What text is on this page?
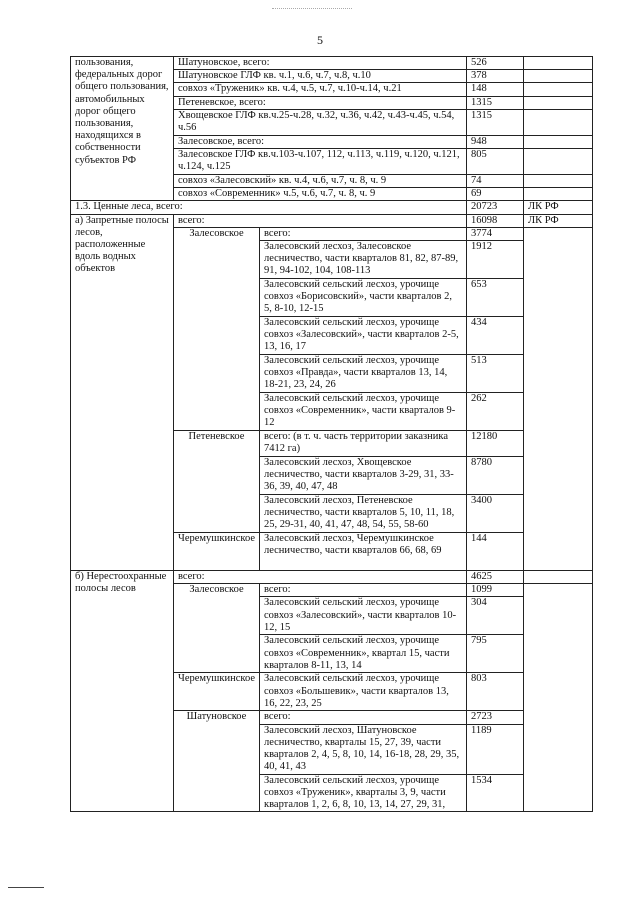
5
пользования, федеральных дорог общего пользования, автомобильных дорог общего пользования, находящихся в собственности субъектов РФ	Шатуновское, всего:		526	
	Шатуновское ГЛФ кв. ч.1, ч.6, ч.7, ч.8, ч.10		378	
	совхоз «Труженик» кв. ч.4, ч.5, ч.7, ч.10-ч.14, ч.21		148	
	Петеневское, всего:		1315	
	Хвощевское ГЛФ кв.ч.25-ч.28, ч.32, ч.36, ч.42, ч.43-ч.45, ч.54, ч.56		1315	
	Залесовское, всего:		948	
	Залесовское ГЛФ кв.ч.103-ч.107, 112, ч.113, ч.119, ч.120, ч.121, ч.124, ч.125		805	
	совхоз «Залесовский» кв. ч.4, ч.6, ч.7, ч. 8, ч. 9		74	
	совхоз «Современник» ч.5, ч.6, ч.7, ч. 8, ч. 9		69	
1.3. Ценные леса, всего:			20723	ЛК РФ
а) Запретные полосы лесов, расположенные вдоль водных объектов	всего:		16098	ЛК РФ
	Залесовское	всего:	3774	
		Залесовский лесхоз, Залесовское лесничество, части кварталов 81, 82, 87-89, 91, 94-102, 104, 108-113	1912	
		Залесовский сельский лесхоз, урочище совхоз «Борисовский», части кварталов 2, 5, 8-10, 12-15	653	
		Залесовский сельский лесхоз, урочище совхоз «Залесовский», части кварталов 2-5, 13, 16, 17	434	
		Залесовский сельский лесхоз, урочище совхоз «Правда», части кварталов 13, 14, 18-21, 23, 24, 26	513	
		Залесовский сельский лесхоз, урочище совхоз «Современник», части кварталов 9-12	262	
	Петеневское	всего: (в т. ч. часть территории заказника 7412 га)	12180	
		Залесовский лесхоз, Хвощевское лесничество, части кварталов 3-29, 31, 33-36, 39, 40, 47, 48	8780	
		Залесовский лесхоз, Петеневское лесничество, части кварталов 5, 10, 11, 18, 25, 29-31, 40, 41, 47, 48, 54, 55, 58-60	3400	
	Черемушкинское	Залесовский лесхоз, Черемушкинское лесничество, части кварталов 66, 68, 69	144	
б) Нерестоохранные полосы лесов	всего:		4625	
	Залесовское	всего:	1099	
		Залесовский сельский лесхоз, урочище совхоз «Залесовский», части кварталов 10-12, 15	304	
		Залесовский сельский лесхоз, урочище совхоз «Современник», квартал 15, части кварталов 8-11, 13, 14	795	
	Черемушкинское	Залесовский сельский лесхоз, урочище совхоз «Большевик», части кварталов 13, 16, 22, 23, 25	803	
	Шатуновское	всего:	2723	
		Залесовский лесхоз, Шатуновское лесничество, кварталы 15, 27, 39, части кварталов 2, 4, 5, 8, 10, 14, 16-18, 28, 29, 35, 40, 41, 43	1189	
		Залесовский сельский лесхоз, урочище совхоз «Труженик», кварталы 3, 9, части кварталов 1, 2, 6, 8, 10, 13, 14, 27, 29, 31,	1534	
